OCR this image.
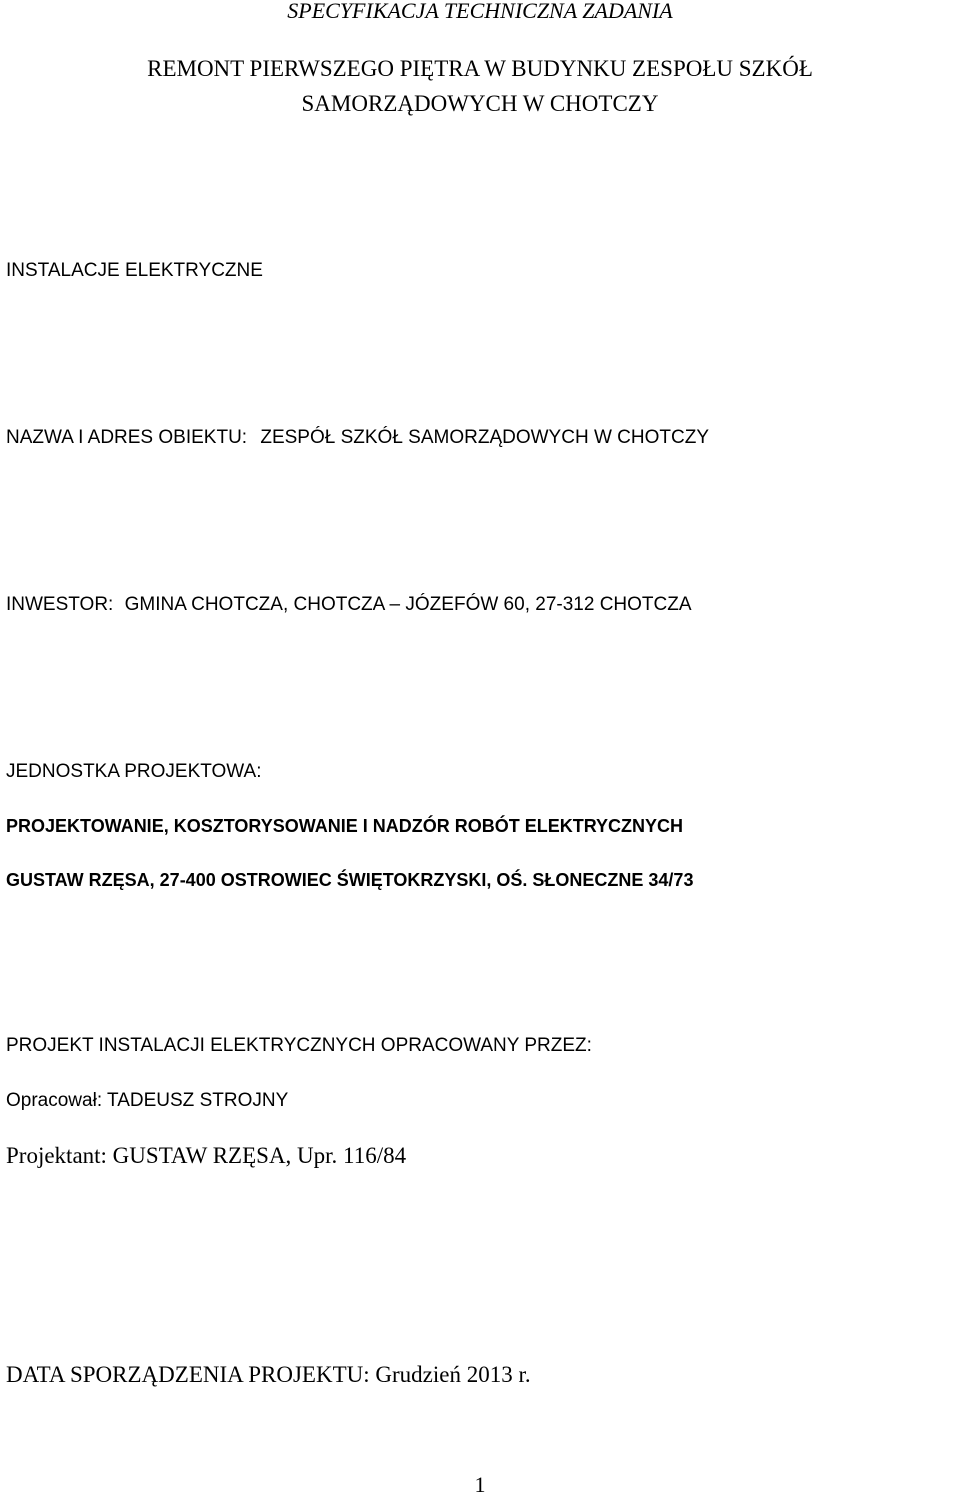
SPECYFIKACJA TECHNICZNA ZADANIA
REMONT PIERWSZEGO PIĘTRA W BUDYNKU ZESPOŁU SZKÓŁ
SAMORZĄDOWYCH W CHOTCZY
INSTALACJE ELEKTRYCZNE
NAZWA I ADRES OBIEKTU: ZESPÓŁ SZKÓŁ SAMORZĄDOWYCH W CHOTCZY
INWESTOR: GMINA CHOTCZA, CHOTCZA – JÓZEFÓW 60, 27-312 CHOTCZA
JEDNOSTKA PROJEKTOWA:
PROJEKTOWANIE, KOSZTORYSOWANIE I NADZÓR ROBÓT ELEKTRYCZNYCH
GUSTAW RZĘSA, 27-400 OSTROWIEC ŚWIĘTOKRZYSKI, OŚ. SŁONECZNE 34/73
PROJEKT INSTALACJI ELEKTRYCZNYCH OPRACOWANY PRZEZ:
Opracował: TADEUSZ STROJNY
Projektant: GUSTAW RZĘSA, Upr. 116/84
DATA SPORZĄDZENIA PROJEKTU: Grudzień 2013 r.
1
